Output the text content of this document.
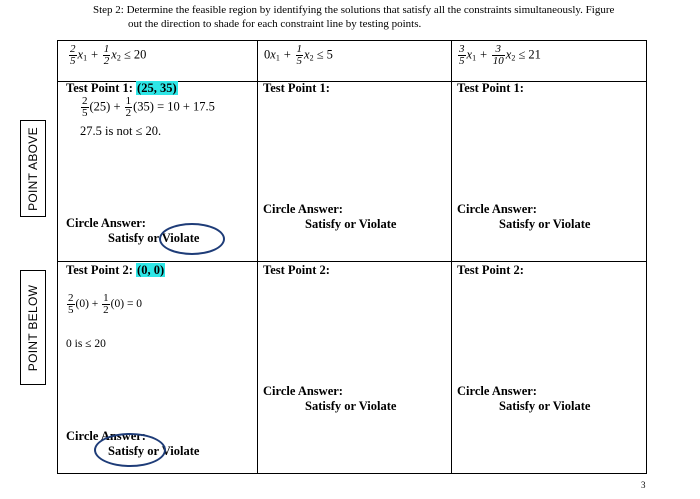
Step 2: Determine the feasible region by identifying the solutions that satisfy all the constraints simultaneously. Figure
out the direction to shade for each constraint line by testing points.
POINT ABOVE
POINT BELOW
$\frac{2}{5} x_1 + \frac{1}{2} x_2 \le 20$	$0x_1 + \frac{1}{5} x_2 \le 5$	$\frac{3}{5} x_1 + \frac{3}{10} x_2 \le 21$
Test Point 1: (25, 35)
$\frac{2}{5} (25) + \frac{1}{2} (35) = 10 + 17.5$
27.5 is not ≤ 20.
Circle Answer:
Satisfy or Violate
Test Point 1:
Circle Answer:
Satisfy or Violate
Test Point 1:
Circle Answer:
Satisfy or Violate
Test Point 2: (0, 0)
$\frac{2}{5} (0) + \frac{1}{2} (0) = 0$
0 is ≤ 20
Circle Answer:
Satisfy or Violate
Test Point 2:
Circle Answer:
Satisfy or Violate
Test Point 2:
Circle Answer:
Satisfy or Violate
3
